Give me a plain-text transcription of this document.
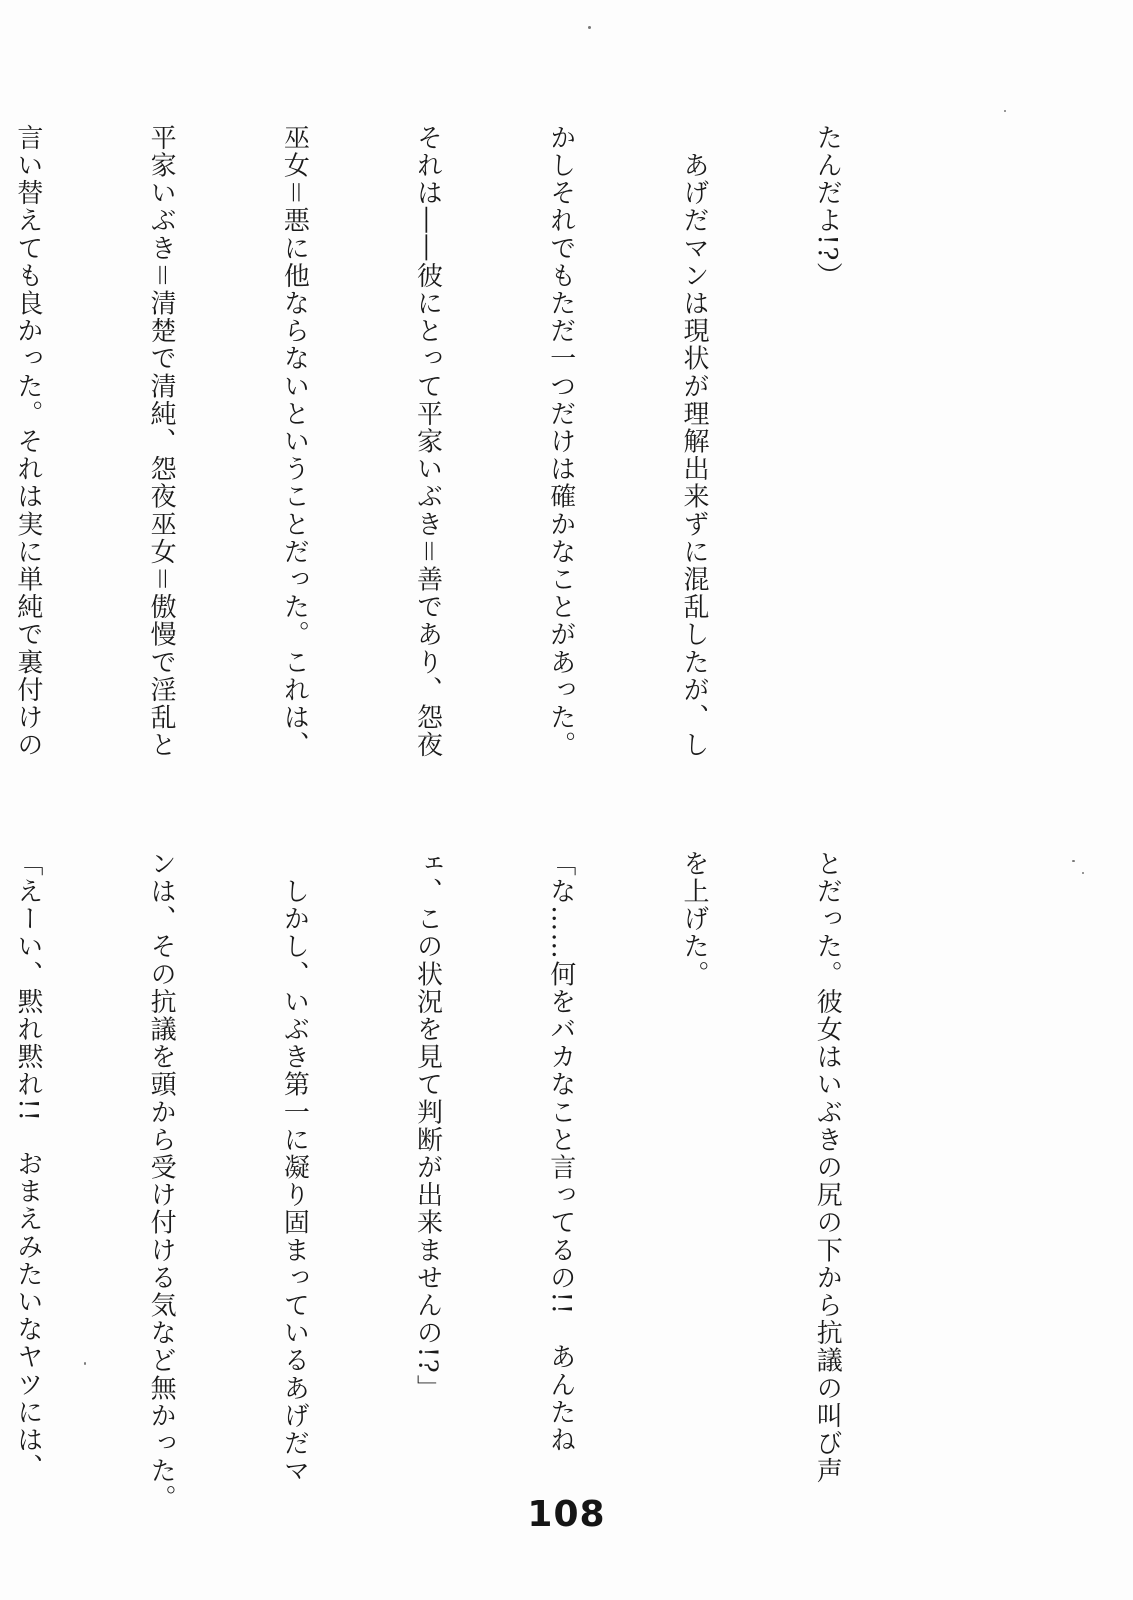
たんだよ!?）

　あげだマンは現状が理解出来ずに混乱したが、し

かしそれでもただ一つだけは確かなことがあった。

それは――彼にとって平家いぶき＝善であり、怨夜

巫女＝悪に他ならないということだった。これは、

平家いぶき＝清楚で清純、怨夜巫女＝傲慢で淫乱と

言い替えても良かった。それは実に単純で裏付けの

とだった。彼女はいぶきの尻の下から抗議の叫び声

を上げた。

「な……何をバカなこと言ってるの!!　あんたね

ェ、この状況を見て判断が出来ませんの!?」

　しかし、いぶき第一に凝り固まっているあげだマ

ンは、その抗議を頭から受け付ける気など無かった。

「えーい、黙れ黙れ!!　おまえみたいなヤツには、

108
